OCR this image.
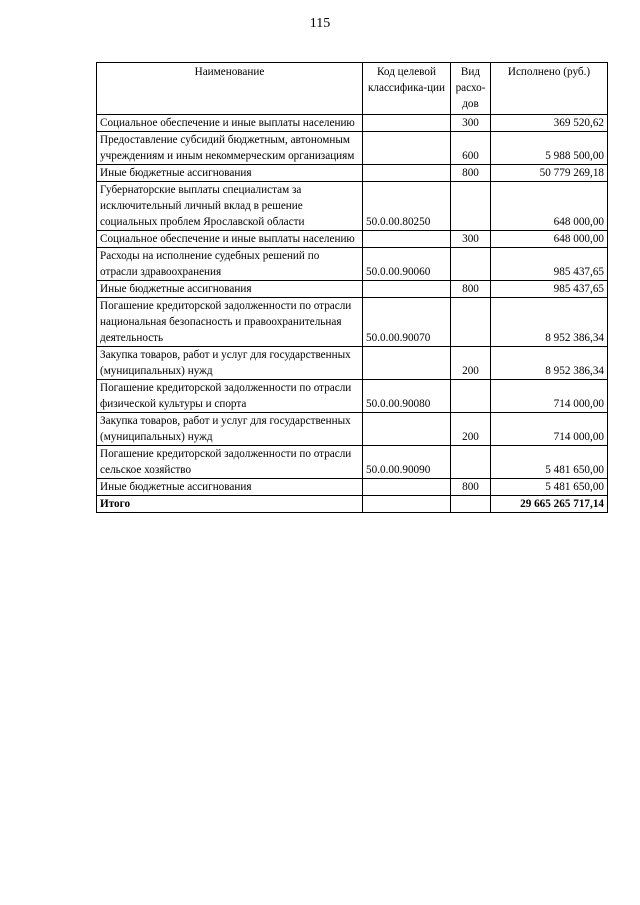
115
Наименование	Код целевой классифика-ции	Вид расхо-дов	Исполнено (руб.)
Социальное обеспечение и иные выплаты населению		300	369 520,62
Предоставление субсидий бюджетным, автономным учреждениям и иным некоммерческим организациям		600	5 988 500,00
Иные бюджетные ассигнования		800	50 779 269,18
Губернаторские выплаты специалистам за исключительный личный вклад в решение социальных проблем Ярославской области	50.0.00.80250		648 000,00
Социальное обеспечение и иные выплаты населению		300	648 000,00
Расходы на исполнение судебных решений по отрасли здравоохранения	50.0.00.90060		985 437,65
Иные бюджетные ассигнования		800	985 437,65
Погашение кредиторской задолженности по отрасли национальная безопасность и правоохранительная деятельность	50.0.00.90070		8 952 386,34
Закупка товаров, работ и услуг для государственных (муниципальных) нужд		200	8 952 386,34
Погашение кредиторской задолженности по отрасли физической культуры и спорта	50.0.00.90080		714 000,00
Закупка товаров, работ и услуг для государственных (муниципальных) нужд		200	714 000,00
Погашение кредиторской задолженности по отрасли сельское хозяйство	50.0.00.90090		5 481 650,00
Иные бюджетные ассигнования		800	5 481 650,00
Итого			29 665 265 717,14
